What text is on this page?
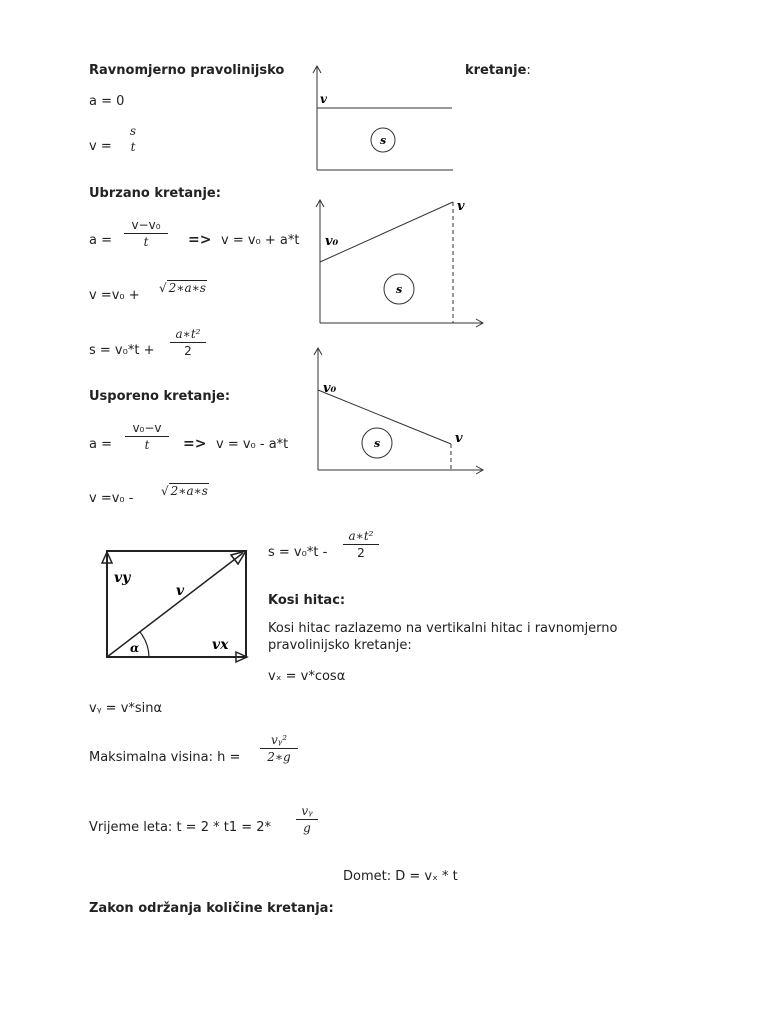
Ravnomjerno pravolinijsko	kretanje:
a = 0
v =
s
t
v
s
Ubrzano kretanje:
$a = \frac{\text{v−v₀}}{t} => v = v_0 + a*t$
v =v₀ + √ 2∗a∗s
$s = v_0*t + \frac{\text{a∗t²}}{2}$
v₀
v
s
Usporeno kretanje:
$a = \frac{\text{v₀−v}}{t} => v = v_0 - a*t$
v =v₀ - √ 2∗a∗s
v₀
v
s
$s = v_0*t - \frac{\text{a∗t²}}{2}$
vy
v
vx
α
Kosi hitac:
Kosi hitac razlazemo na vertikalni hitac i ravnomjerno
pravolinijsko kretanje:
vₓ = v*cosα
vᵧ = v*sinα
Maksimalna visina: $h = \frac{\text{vᵧ²}}{2∗g}$
Vrijeme leta: $t = 2 * t1 = 2* \frac{\text{vᵧ}}{g}$
Domet: D = vₓ * t
Zakon održanja količine kretanja:
